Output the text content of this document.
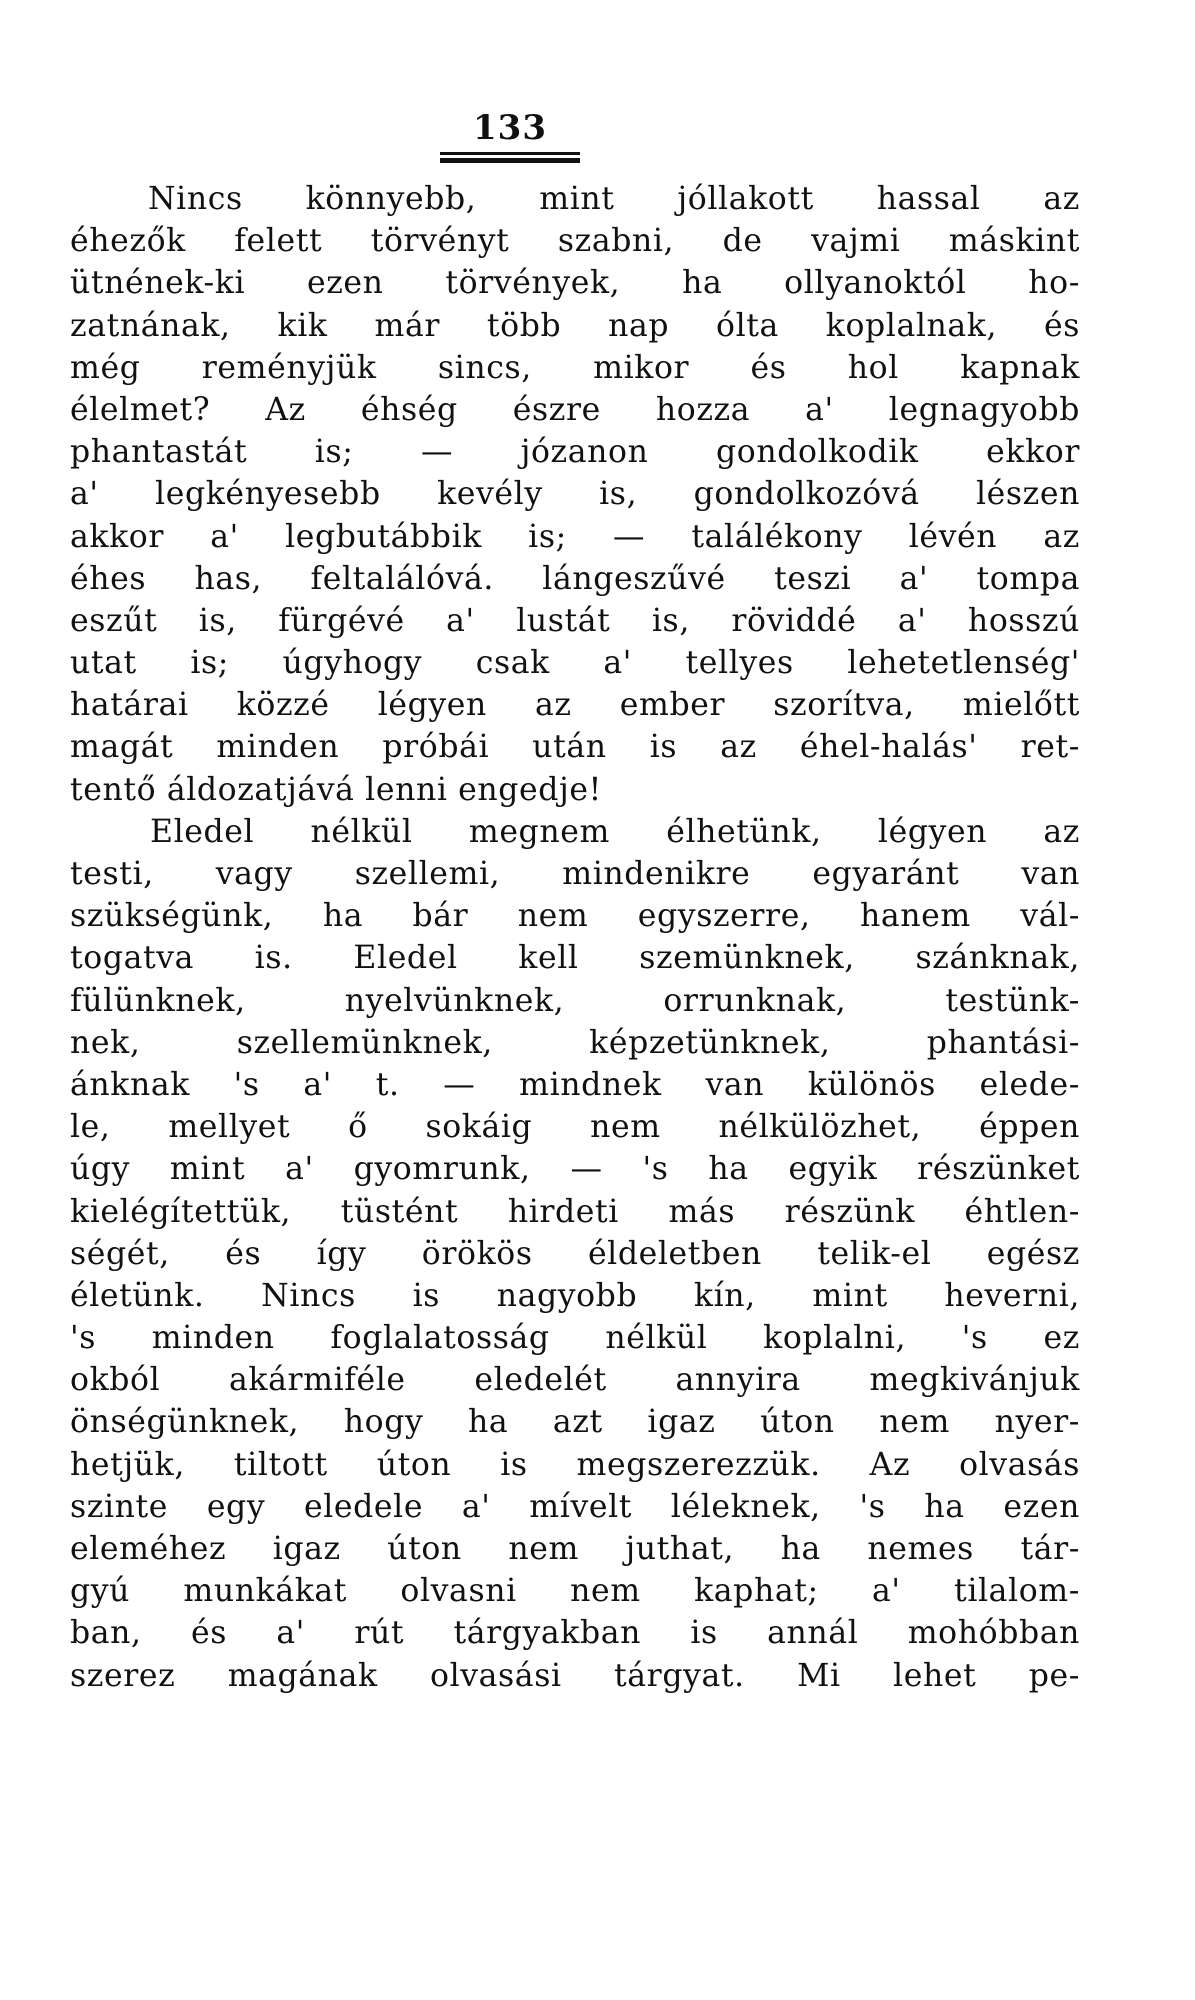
133
Nincs könnyebb, mint jóllakott hassal az
éhezők felett törvényt szabni, de vajmi máskint
ütnének-ki ezen törvények, ha ollyanoktól ho-
zatnának, kik már több nap ólta koplalnak, és
még reményjük sincs, mikor és hol kapnak
élelmet? Az éhség észre hozza a' legnagyobb
phantastát is; — józanon gondolkodik ekkor
a' legkényesebb kevély is, gondolkozóvá lészen
akkor a' legbutábbik is; — találékony lévén az
éhes has, feltalálóvá. lángeszűvé teszi a' tompa
eszűt is, fürgévé a' lustát is, röviddé a' hosszú
utat is; úgyhogy csak a' tellyes lehetetlenség'
határai közzé légyen az ember szorítva, mielőtt
magát minden próbái után is az éhel-halás' ret-
tentő áldozatjává lenni engedje!
Eledel nélkül megnem élhetünk, légyen az
testi, vagy szellemi, mindenikre egyaránt van
szükségünk, ha bár nem egyszerre, hanem vál-
togatva is. Eledel kell szemünknek, szánknak,
fülünknek, nyelvünknek, orrunknak, testünk-
nek, szellemünknek, képzetünknek, phantási-
ánknak 's a' t. — mindnek van különös elede-
le, mellyet ő sokáig nem nélkülözhet, éppen
úgy mint a' gyomrunk, — 's ha egyik részünket
kielégítettük, tüstént hirdeti más részünk éhtlen-
ségét, és így örökös éldeletben telik-el egész
életünk. Nincs is nagyobb kín, mint heverni,
's minden foglalatosság nélkül koplalni, 's ez
okból akármiféle eledelét annyira megkivánjuk
önségünknek, hogy ha azt igaz úton nem nyer-
hetjük, tiltott úton is megszerezzük. Az olvasás
szinte egy eledele a' mívelt léleknek, 's ha ezen
eleméhez igaz úton nem juthat, ha nemes tár-
gyú munkákat olvasni nem kaphat; a' tilalom-
ban, és a' rút tárgyakban is annál mohóbban
szerez magának olvasási tárgyat. Mi lehet pe-
